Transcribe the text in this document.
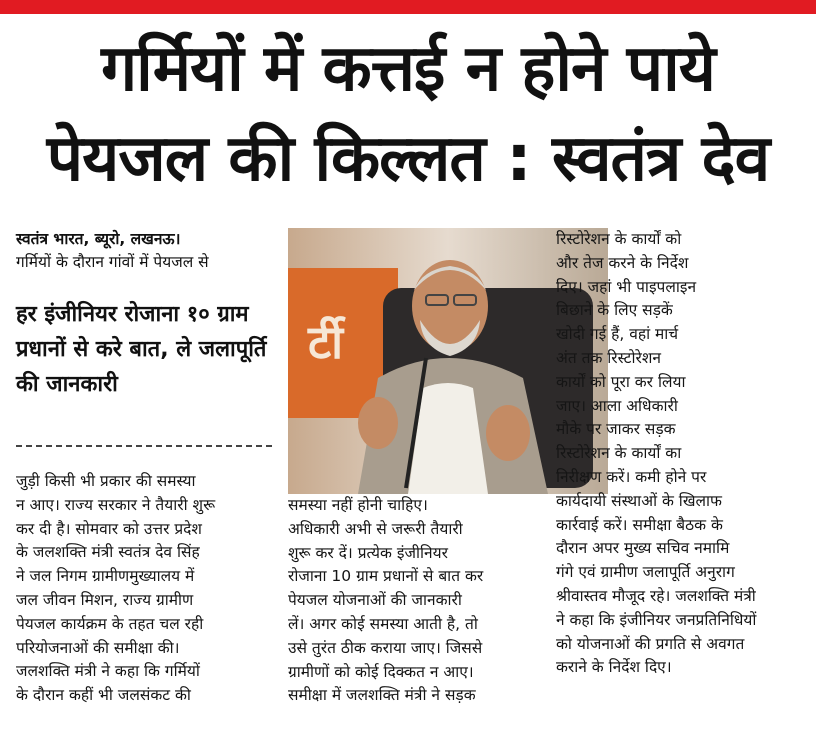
गर्मियों में कत्तई न होने पाये
पेयजल की किल्लत : स्वतंत्र देव
स्वतंत्र भारत, ब्यूरो, लखनऊ।
गर्मियों के दौरान गांवों में पेयजल से
हर इंजीनियर रोजाना १० ग्राम प्रधानों से करे बात, ले जलापूर्ति की जानकारी

जुड़ी किसी भी प्रकार की समस्या

न आए। राज्य सरकार ने तैयारी शुरू

कर दी है। सोमवार को उत्तर प्रदेश

के जलशक्ति मंत्री स्वतंत्र देव सिंह

ने जल निगम ग्रामीणमुख्यालय में

जल जीवन मिशन, राज्य ग्रामीण

पेयजल कार्यक्रम के तहत चल रही

परियोजनाओं की समीक्षा की।

जलशक्ति मंत्री ने कहा कि गर्मियों

के दौरान कहीं भी जलसंकट की

र्टी

समस्या नहीं होनी चाहिए।

अधिकारी अभी से जरूरी तैयारी

शुरू कर दें। प्रत्येक इंजीनियर

रोजाना 10 ग्राम प्रधानों से बात कर

पेयजल योजनाओं की जानकारी

लें। अगर कोई समस्या आती है, तो

उसे तुरंत ठीक कराया जाए। जिससे

ग्रामीणों को कोई दिक्कत न आए।

समीक्षा में जलशक्ति मंत्री ने सड़क

रिस्टोरेशन के कार्यों को

और तेज करने के निर्देश

दिए। जहां भी पाइपलाइन

बिछाने के लिए सड़कें

खोदी गई हैं, वहां मार्च

अंत तक रिस्टोरेशन

कार्यों को पूरा कर लिया

जाए। आला अधिकारी

मौके पर जाकर सड़क

रिस्टोरेशन के कार्यों का

निरीक्षण करें। कमी होने पर

कार्यदायी संस्थाओं के खिलाफ

कार्रवाई करें। समीक्षा बैठक के

दौरान अपर मुख्य सचिव नमामि

गंगे एवं ग्रामीण जलापूर्ति अनुराग

श्रीवास्तव मौजूद रहे। जलशक्ति मंत्री

ने कहा कि इंजीनियर जनप्रतिनिधियों

को योजनाओं की प्रगति से अवगत

कराने के निर्देश दिए।
